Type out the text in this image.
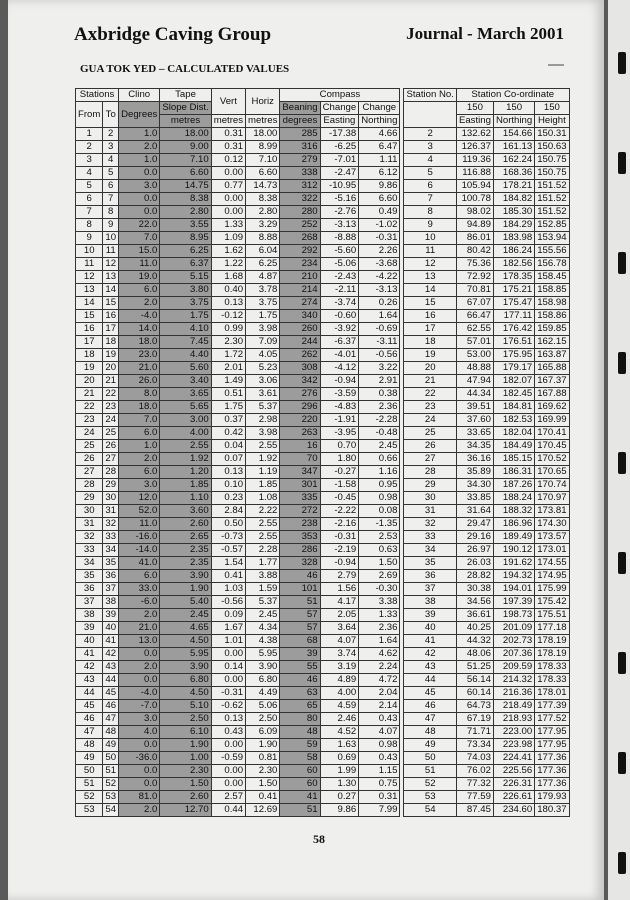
Axbridge Caving Group	Journal - March 2001
GUA TOK YED – CALCULATED VALUES
Stations		Clino	Tape	Vert	Horiz	Compass				Station No.	Station Co-ordinate		
From	To	Degrees	Slope Dist.			Beaning	Change	Change					
											150	150	150
			metres	metres	metres	degrees	Easting	Northing			Easting	Northing	Height
1	2	1.0	18.00	0.31	18.00	285	-17.38	4.66		2	132.62	154.66	150.31
2	3	2.0	9.00	0.31	8.99	316	-6.25	6.47		3	126.37	161.13	150.63
3	4	1.0	7.10	0.12	7.10	279	-7.01	1.11		4	119.36	162.24	150.75
4	5	0.0	6.60	0.00	6.60	338	-2.47	6.12		5	116.88	168.36	150.75
5	6	3.0	14.75	0.77	14.73	312	-10.95	9.86		6	105.94	178.21	151.52
6	7	0.0	8.38	0.00	8.38	322	-5.16	6.60		7	100.78	184.82	151.52
7	8	0.0	2.80	0.00	2.80	280	-2.76	0.49		8	98.02	185.30	151.52
8	9	22.0	3.55	1.33	3.29	252	-3.13	-1.02		9	94.89	184.29	152.85
9	10	7.0	8.95	1.09	8.88	268	-8.88	-0.31		10	86.01	183.98	153.94
10	11	15.0	6.25	1.62	6.04	292	-5.60	2.26		11	80.42	186.24	155.56
11	12	11.0	6.37	1.22	6.25	234	-5.06	-3.68		12	75.36	182.56	156.78
12	13	19.0	5.15	1.68	4.87	210	-2.43	-4.22		13	72.92	178.35	158.45
13	14	6.0	3.80	0.40	3.78	214	-2.11	-3.13		14	70.81	175.21	158.85
14	15	2.0	3.75	0.13	3.75	274	-3.74	0.26		15	67.07	175.47	158.98
15	16	-4.0	1.75	-0.12	1.75	340	-0.60	1.64		16	66.47	177.11	158.86
16	17	14.0	4.10	0.99	3.98	260	-3.92	-0.69		17	62.55	176.42	159.85
17	18	18.0	7.45	2.30	7.09	244	-6.37	-3.11		18	57.01	176.51	162.15
18	19	23.0	4.40	1.72	4.05	262	-4.01	-0.56		19	53.00	175.95	163.87
19	20	21.0	5.60	2.01	5.23	308	-4.12	3.22		20	48.88	179.17	165.88
20	21	26.0	3.40	1.49	3.06	342	-0.94	2.91		21	47.94	182.07	167.37
21	22	8.0	3.65	0.51	3.61	276	-3.59	0.38		22	44.34	182.45	167.88
22	23	18.0	5.65	1.75	5.37	296	-4.83	2.36		23	39.51	184.81	169.62
23	24	7.0	3.00	0.37	2.98	220	-1.91	-2.28		24	37.60	182.53	169.99
24	25	6.0	4.00	0.42	3.98	263	-3.95	-0.48		25	33.65	182.04	170.41
25	26	1.0	2.55	0.04	2.55	16	0.70	2.45		26	34.35	184.49	170.45
26	27	2.0	1.92	0.07	1.92	70	1.80	0.66		27	36.16	185.15	170.52
27	28	6.0	1.20	0.13	1.19	347	-0.27	1.16		28	35.89	186.31	170.65
28	29	3.0	1.85	0.10	1.85	301	-1.58	0.95		29	34.30	187.26	170.74
29	30	12.0	1.10	0.23	1.08	335	-0.45	0.98		30	33.85	188.24	170.97
30	31	52.0	3.60	2.84	2.22	272	-2.22	0.08		31	31.64	188.32	173.81
31	32	11.0	2.60	0.50	2.55	238	-2.16	-1.35		32	29.47	186.96	174.30
32	33	-16.0	2.65	-0.73	2.55	353	-0.31	2.53		33	29.16	189.49	173.57
33	34	-14.0	2.35	-0.57	2.28	286	-2.19	0.63		34	26.97	190.12	173.01
34	35	41.0	2.35	1.54	1.77	328	-0.94	1.50		35	26.03	191.62	174.55
35	36	6.0	3.90	0.41	3.88	46	2.79	2.69		36	28.82	194.32	174.95
36	37	33.0	1.90	1.03	1.59	101	1.56	-0.30		37	30.38	194.01	175.99
37	38	-6.0	5.40	-0.56	5.37	51	4.17	3.38		38	34.56	197.39	175.42
38	39	2.0	2.45	0.09	2.45	57	2.05	1.33		39	36.61	198.73	175.51
39	40	21.0	4.65	1.67	4.34	57	3.64	2.36		40	40.25	201.09	177.18
40	41	13.0	4.50	1.01	4.38	68	4.07	1.64		41	44.32	202.73	178.19
41	42	0.0	5.95	0.00	5.95	39	3.74	4.62		42	48.06	207.36	178.19
42	43	2.0	3.90	0.14	3.90	55	3.19	2.24		43	51.25	209.59	178.33
43	44	0.0	6.80	0.00	6.80	46	4.89	4.72		44	56.14	214.32	178.33
44	45	-4.0	4.50	-0.31	4.49	63	4.00	2.04		45	60.14	216.36	178.01
45	46	-7.0	5.10	-0.62	5.06	65	4.59	2.14		46	64.73	218.49	177.39
46	47	3.0	2.50	0.13	2.50	80	2.46	0.43		47	67.19	218.93	177.52
47	48	4.0	6.10	0.43	6.09	48	4.52	4.07		48	71.71	223.00	177.95
48	49	0.0	1.90	0.00	1.90	59	1.63	0.98		49	73.34	223.98	177.95
49	50	-36.0	1.00	-0.59	0.81	58	0.69	0.43		50	74.03	224.41	177.36
50	51	0.0	2.30	0.00	2.30	60	1.99	1.15		51	76.02	225.56	177.36
51	52	0.0	1.50	0.00	1.50	60	1.30	0.75		52	77.32	226.31	177.36
52	53	81.0	2.60	2.57	0.41	41	0.27	0.31		53	77.59	226.61	179.93
53	54	2.0	12.70	0.44	12.69	51	9.86	7.99		54	87.45	234.60	180.37
58
